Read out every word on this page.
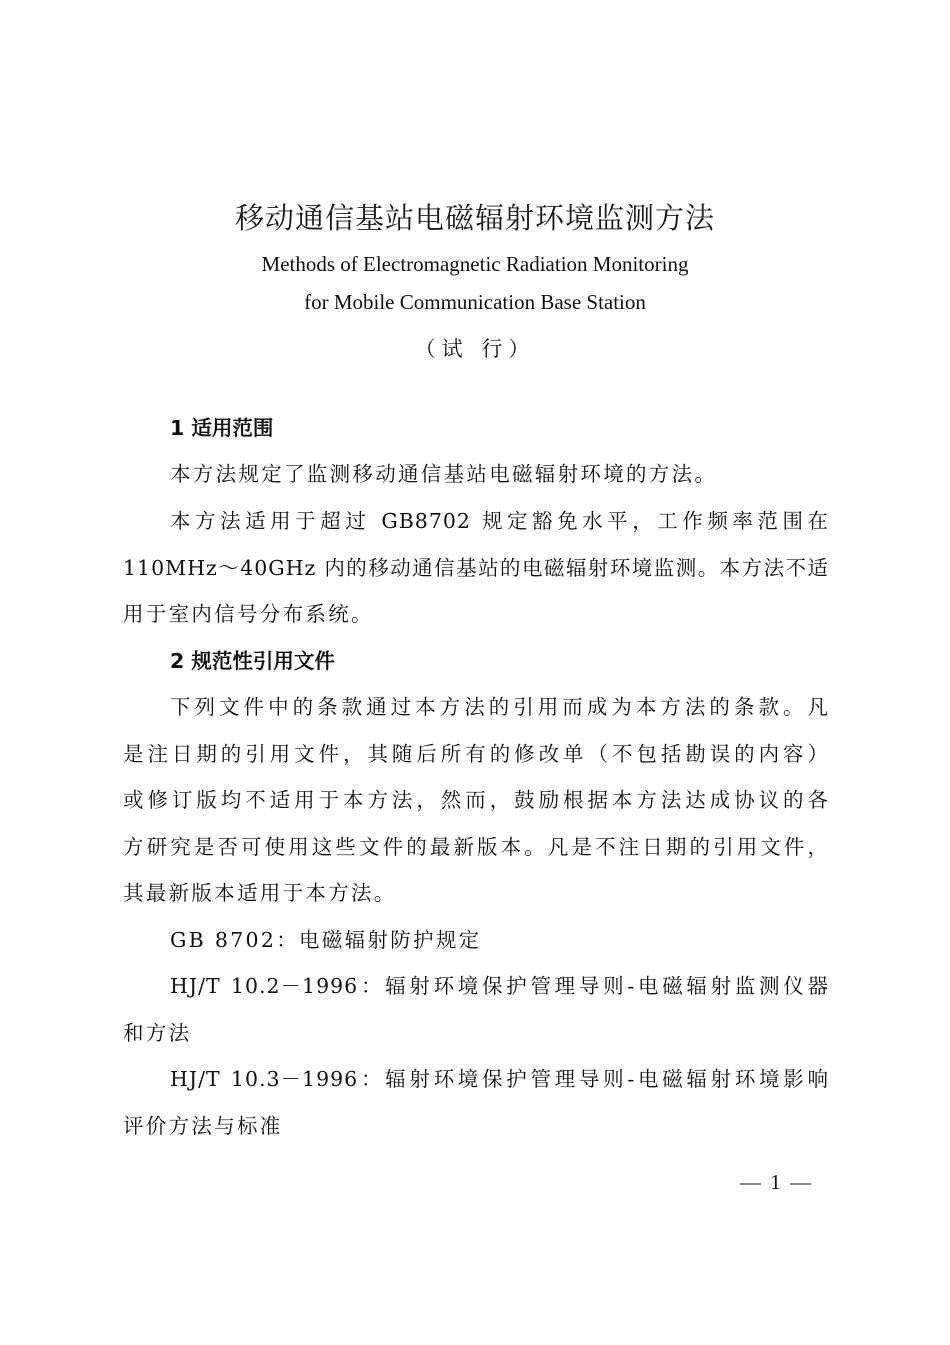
移动通信基站电磁辐射环境监测方法
Methods of Electromagnetic Radiation Monitoring
for Mobile Communication Base Station
（试 行）
1 适用范围
本方法规定了监测移动通信基站电磁辐射环境的方法。
本方法适用于超过 GB8702 规定豁免水平，工作频率范围在
110MHz～40GHz 内的移动通信基站的电磁辐射环境监测。本方法不适
用于室内信号分布系统。
2 规范性引用文件
下列文件中的条款通过本方法的引用而成为本方法的条款。凡
是注日期的引用文件，其随后所有的修改单（不包括勘误的内容）
或修订版均不适用于本方法，然而，鼓励根据本方法达成协议的各
方研究是否可使用这些文件的最新版本。凡是不注日期的引用文件，
其最新版本适用于本方法。
GB 8702：电磁辐射防护规定
HJ/T 10.2－1996：辐射环境保护管理导则-电磁辐射监测仪器
和方法
HJ/T 10.3－1996：辐射环境保护管理导则-电磁辐射环境影响
评价方法与标准
— 1 —
